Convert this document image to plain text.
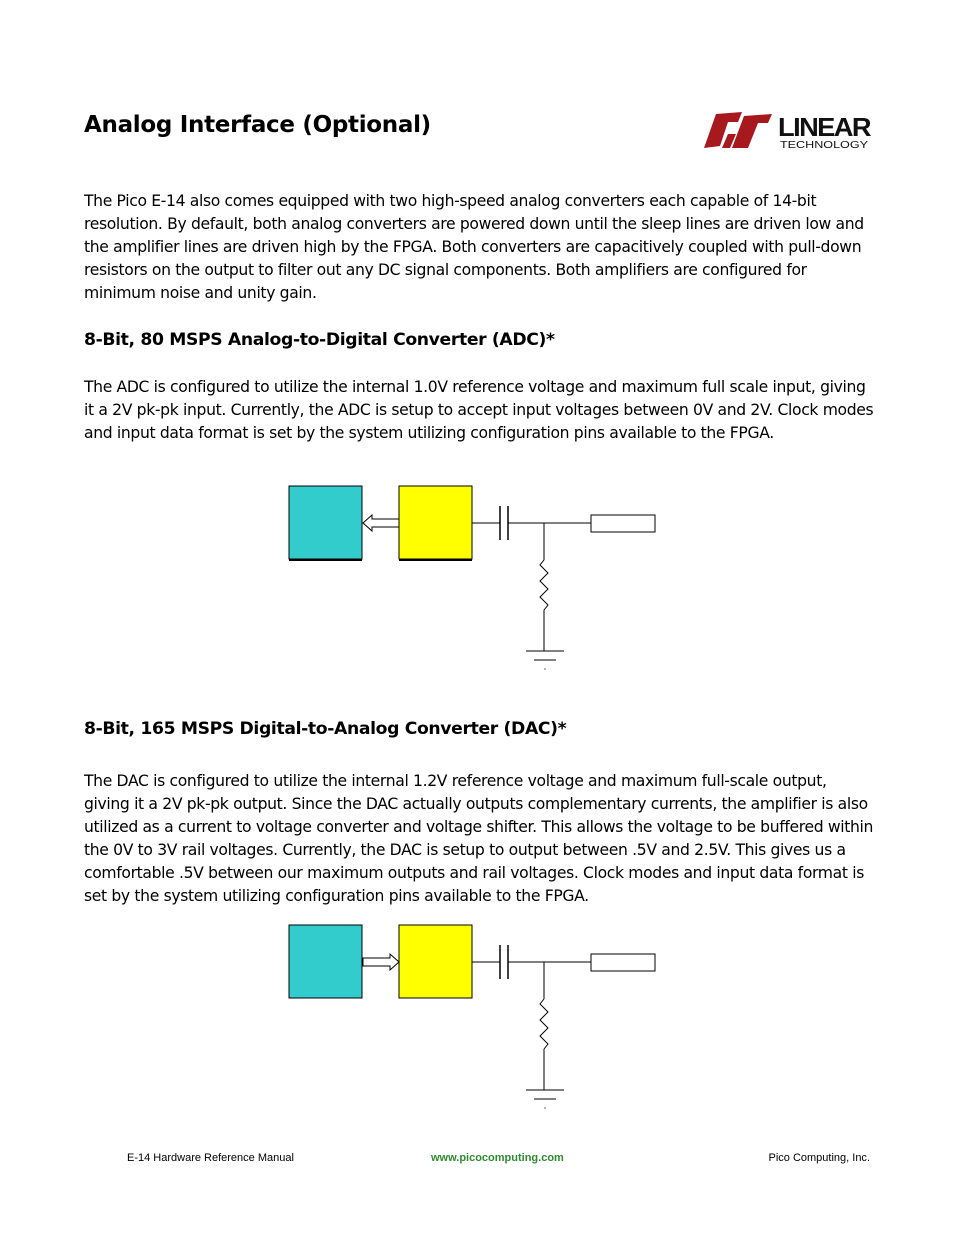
Analog Interface (Optional)	LINEAR
TECHNOLOGY

The Pico E-14 also comes equipped with two high-speed analog converters each capable of 14-bit resolution. By default, both analog converters are powered down until the sleep lines are driven low and the amplifier lines are driven high by the FPGA. Both converters are capacitively coupled with pull-down resistors on the output to filter out any DC signal components. Both amplifiers are configured for minimum noise and unity gain.

8-Bit, 80 MSPS Analog-to-Digital Converter (ADC)*

The ADC is configured to utilize the internal 1.0V reference voltage and maximum full scale input, giving it a 2V pk-pk input. Currently, the ADC is setup to accept input voltages between 0V and 2V. Clock modes and input data format is set by the system utilizing configuration pins available to the FPGA.

8-Bit, 165 MSPS Digital-to-Analog Converter (DAC)*

The DAC is configured to utilize the internal 1.2V reference voltage and maximum full-scale output, giving it a 2V pk-pk output. Since the DAC actually outputs complementary currents, the amplifier is also utilized as a current to voltage converter and voltage shifter. This allows the voltage to be buffered within the 0V to 3V rail voltages. Currently, the DAC is setup to output between .5V and 2.5V. This gives us a comfortable .5V between our maximum outputs and rail voltages. Clock modes and input data format is set by the system utilizing configuration pins available to the FPGA.

E-14 Hardware Reference Manual	www.picocomputing.com	Pico Computing, Inc.
